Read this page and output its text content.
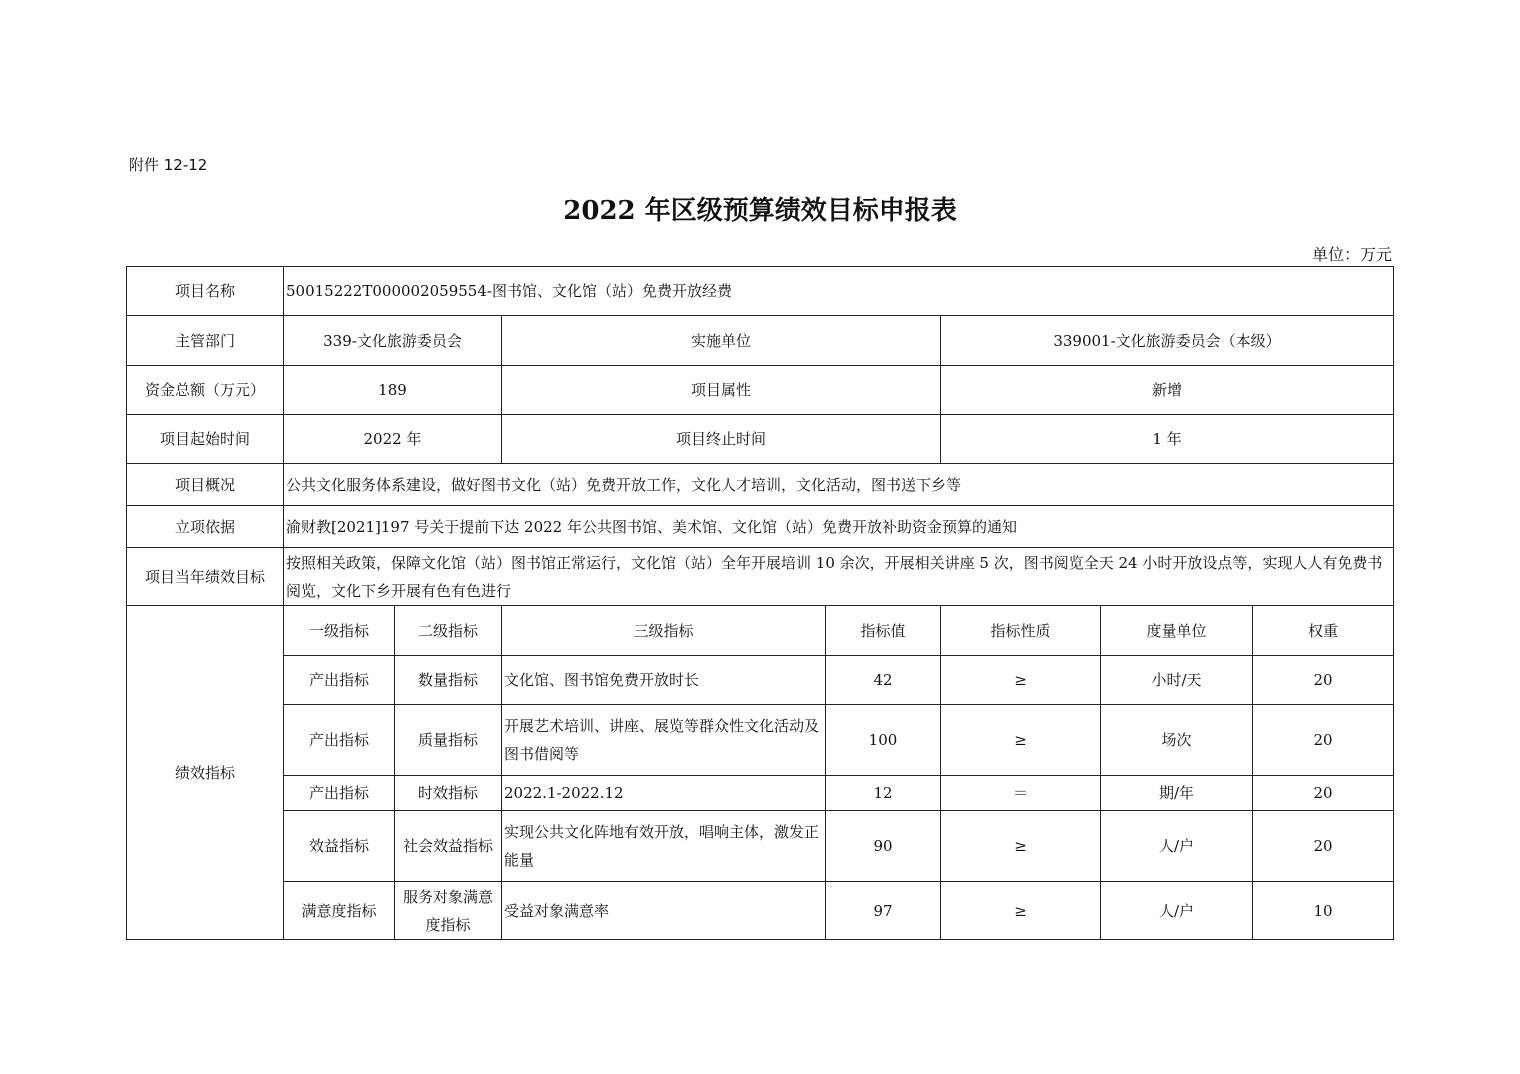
附件 12-12
2022 年区级预算绩效目标申报表
单位：万元
项目名称	50015222T000002059554-图书馆、文化馆（站）免费开放经费						
主管部门	339-文化旅游委员会		实施单位		339001-文化旅游委员会（本级）		
资金总额（万元）	189		项目属性		新增		
项目起始时间	2022 年		项目终止时间		1 年		
项目概况	公共文化服务体系建设，做好图书文化（站）免费开放工作，文化人才培训，文化活动，图书送下乡等						
立项依据	渝财教[2021]197 号关于提前下达 2022 年公共图书馆、美术馆、文化馆（站）免费开放补助资金预算的通知						
项目当年绩效目标	按照相关政策，保障文化馆（站）图书馆正常运行，文化馆（站）全年开展培训 10 余次，开展相关讲座 5 次，图书阅览全天 24 小时开放设点等，实现人人有免费书阅览，文化下乡开展有色有色进行						
绩效指标	一级指标	二级指标	三级指标	指标值	指标性质	度量单位	权重
	产出指标	数量指标	文化馆、图书馆免费开放时长	42	≥	小时/天	20
	产出指标	质量指标	开展艺术培训、讲座、展览等群众性文化活动及图书借阅等	100	≥	场次	20
	产出指标	时效指标	2022.1-2022.12	12	＝	期/年	20
	效益指标	社会效益指标	实现公共文化阵地有效开放，唱响主体，激发正能量	90	≥	人/户	20
	满意度指标	服务对象满意度指标	受益对象满意率	97	≥	人/户	10
